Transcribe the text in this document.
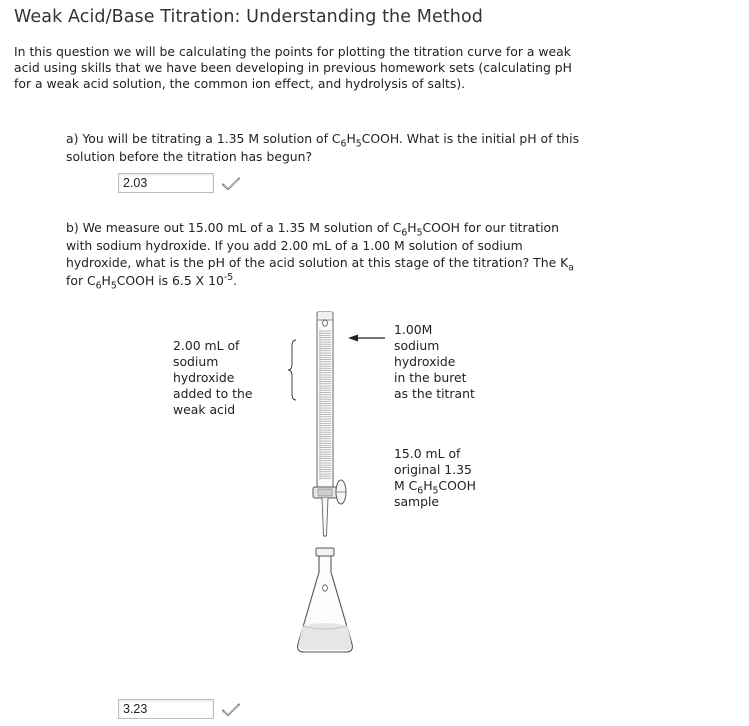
Weak Acid/Base Titration: Understanding the Method

In this question we will be calculating the points for plotting the titration curve for a weak acid using skills that we have been developing in previous homework sets (calculating pH for a weak acid solution, the common ion effect, and hydrolysis of salts).

a) You will be titrating a 1.35 M solution of $C_6H_5COOH$. What is the initial pH of this solution before the titration has begun?

2.03

b) We measure out 15.00 mL of a 1.35 M solution of $C_6H_5COOH$ for our titration with sodium hydroxide. If you add 2.00 mL of a 1.00 M solution of sodium hydroxide, what is the pH of the acid solution at this stage of the titration? The $K_a$ for $C_6H_5COOH$ is 6.5 X $10^{-5}$.

2.00 mL of
sodium
hydroxide
added to the
weak acid
1.00M
sodium
hydroxide
in the buret
as the titrant
15.0 mL of
original 1.35
M $C_6H_5COOH$
sample
3.23
